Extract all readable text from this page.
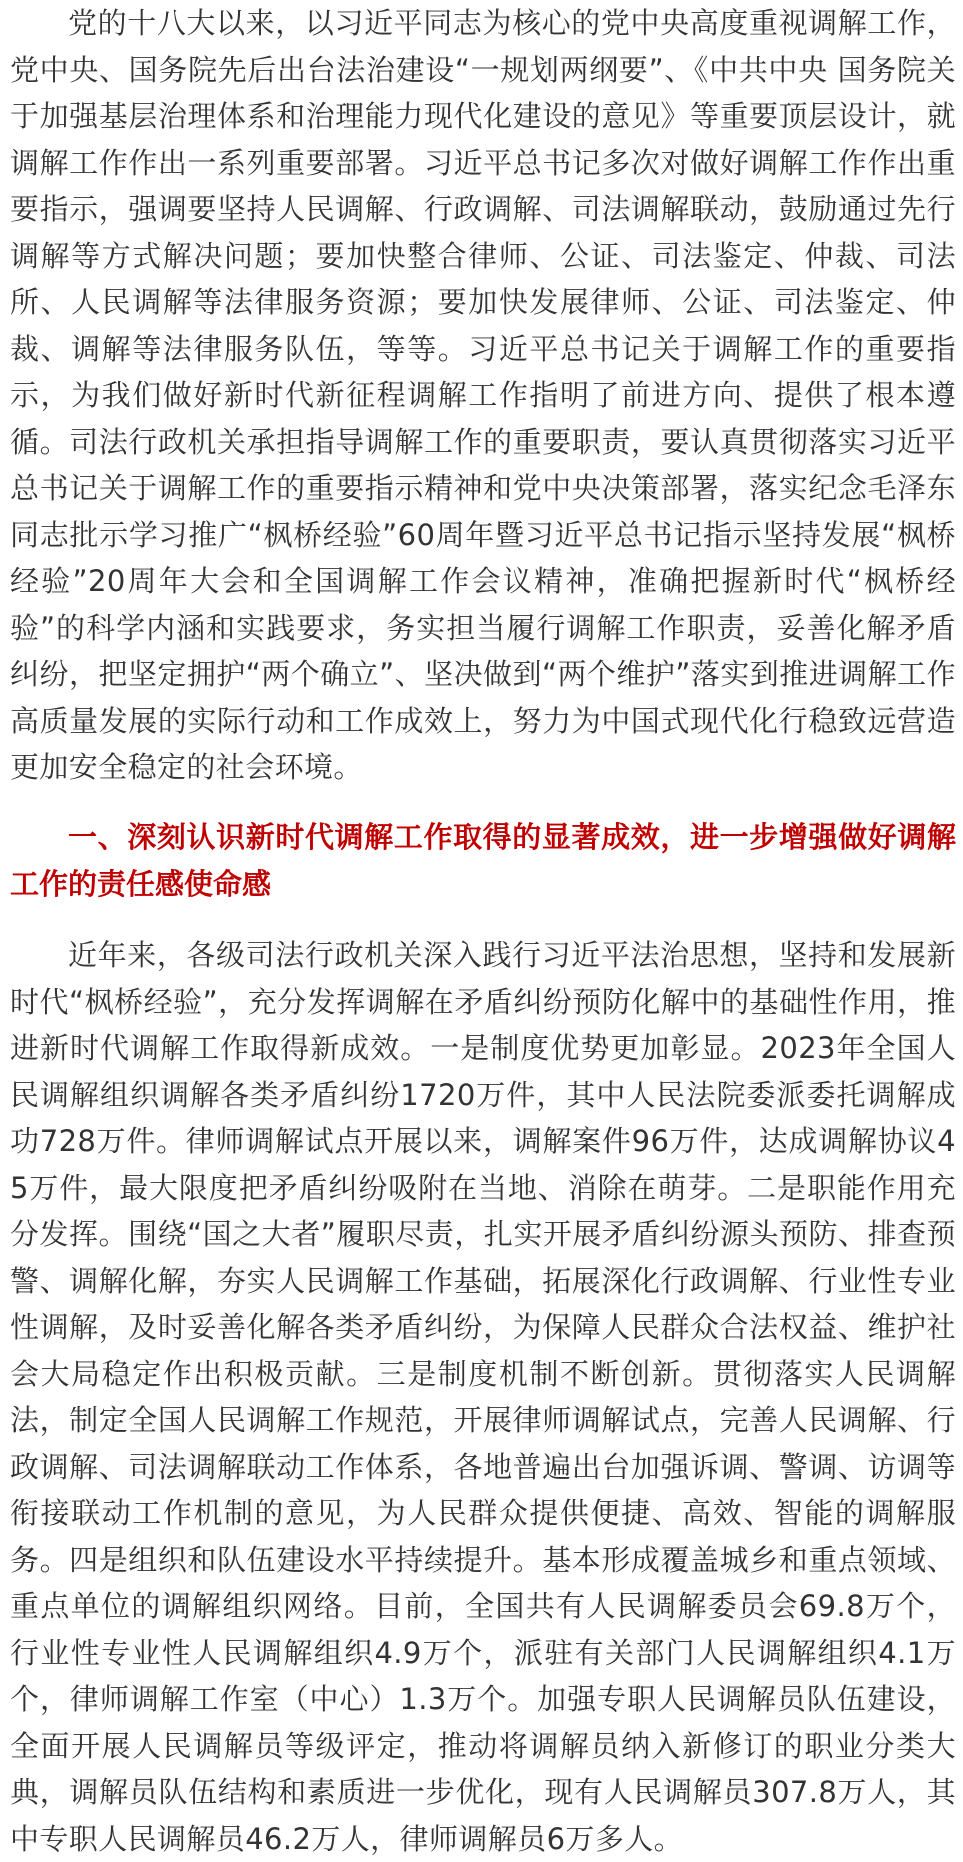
党的十八大以来，以习近平同志为核心的党中央高度重视调解工作，党中央、国务院先后出台法治建设“一规划两纲要”、《中共中央 国务院关于加强基层治理体系和治理能力现代化建设的意见》等重要顶层设计，就调解工作作出一系列重要部署。习近平总书记多次对做好调解工作作出重要指示，强调要坚持人民调解、行政调解、司法调解联动，鼓励通过先行调解等方式解决问题；要加快整合律师、公证、司法鉴定、仲裁、司法所、人民调解等法律服务资源；要加快发展律师、公证、司法鉴定、仲裁、调解等法律服务队伍，等等。习近平总书记关于调解工作的重要指示，为我们做好新时代新征程调解工作指明了前进方向、提供了根本遵循。司法行政机关承担指导调解工作的重要职责，要认真贯彻落实习近平总书记关于调解工作的重要指示精神和党中央决策部署，落实纪念毛泽东同志批示学习推广“枫桥经验”60周年暨习近平总书记指示坚持发展“枫桥经验”20周年大会和全国调解工作会议精神，准确把握新时代“枫桥经验”的科学内涵和实践要求，务实担当履行调解工作职责，妥善化解矛盾纠纷，把坚定拥护“两个确立”、坚决做到“两个维护”落实到推进调解工作高质量发展的实际行动和工作成效上，努力为中国式现代化行稳致远营造更加安全稳定的社会环境。

一、深刻认识新时代调解工作取得的显著成效，进一步增强做好调解工作的责任感使命感

近年来，各级司法行政机关深入践行习近平法治思想，坚持和发展新时代“枫桥经验”，充分发挥调解在矛盾纠纷预防化解中的基础性作用，推进新时代调解工作取得新成效。一是制度优势更加彰显。2023年全国人民调解组织调解各类矛盾纠纷1720万件，其中人民法院委派委托调解成功728万件。律师调解试点开展以来，调解案件96万件，达成调解协议45万件，最大限度把矛盾纠纷吸附在当地、消除在萌芽。二是职能作用充分发挥。围绕“国之大者”履职尽责，扎实开展矛盾纠纷源头预防、排查预警、调解化解，夯实人民调解工作基础，拓展深化行政调解、行业性专业性调解，及时妥善化解各类矛盾纠纷，为保障人民群众合法权益、维护社会大局稳定作出积极贡献。三是制度机制不断创新。贯彻落实人民调解法，制定全国人民调解工作规范，开展律师调解试点，完善人民调解、行政调解、司法调解联动工作体系，各地普遍出台加强诉调、警调、访调等衔接联动工作机制的意见，为人民群众提供便捷、高效、智能的调解服务。四是组织和队伍建设水平持续提升。基本形成覆盖城乡和重点领域、重点单位的调解组织网络。目前，全国共有人民调解委员会69.8万个，行业性专业性人民调解组织4.9万个，派驻有关部门人民调解组织4.1万个，律师调解工作室（中心）1.3万个。加强专职人民调解员队伍建设，全面开展人民调解员等级评定，推动将调解员纳入新修订的职业分类大典，调解员队伍结构和素质进一步优化，现有人民调解员307.8万人，其中专职人民调解员46.2万人，律师调解员6万多人。
